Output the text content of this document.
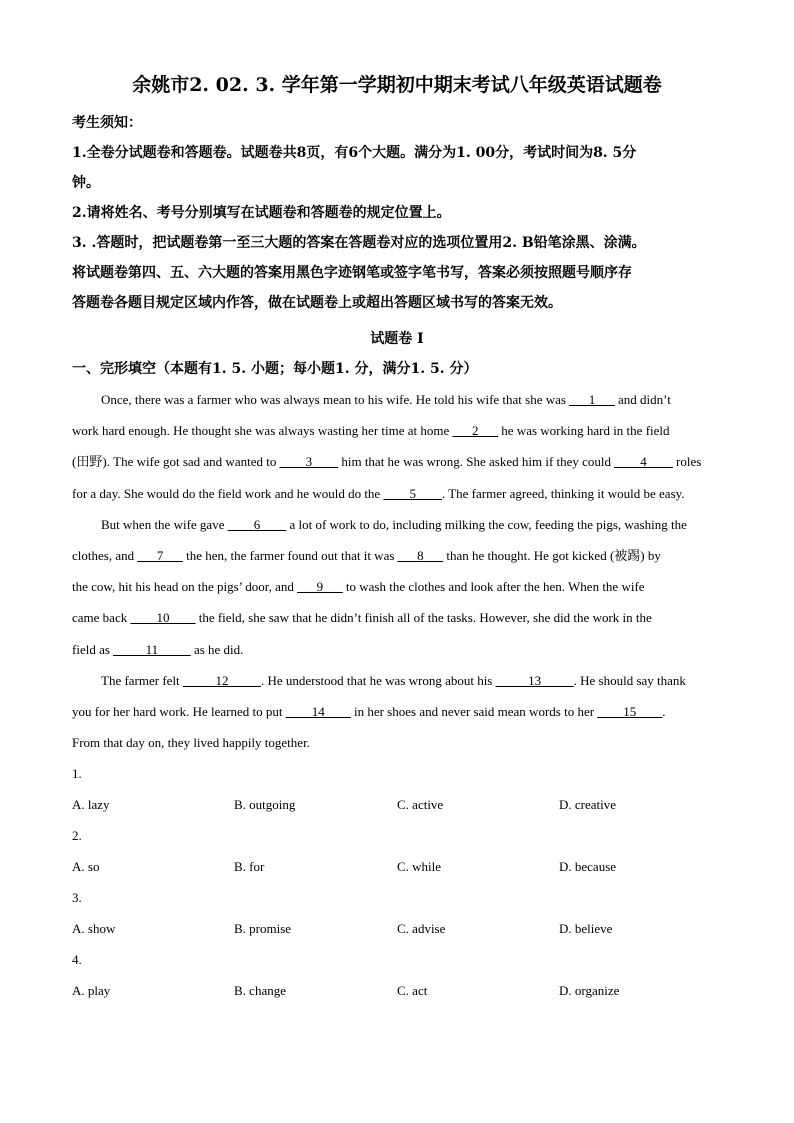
余姚市2. 02. 3. 学年第一学期初中期末考试八年级英语试题卷
考生须知：
1.全卷分试题卷和答题卷。试题卷共8页，有6个大题。满分为1. 00分，考试时间为8. 5分
钟。
2.请将姓名、考号分别填写在试题卷和答题卷的规定位置上。
3. .答题时，把试题卷第一至三大题的答案在答题卷对应的选项位置用2. B铅笔涂黑、涂满。
将试题卷第四、五、六大题的答案用黑色字迹钢笔或签字笔书写，答案必须按照题号顺序存
答题卷各题目规定区域内作答，做在试题卷上或超出答题区域书写的答案无效。
试题卷 I
一、完形填空（本题有1. 5. 小题；每小题1. 分，满分1. 5. 分）
Once, there was a farmer who was always mean to his wife. He told his wife that she was ___1___ and didn’t
work hard enough. He thought she was always wasting her time at home ___2___ he was working hard in the field
(田野). The wife got sad and wanted to ____3____ him that he was wrong. She asked him if they could ____4____ roles
for a day. She would do the field work and he would do the ____5____. The farmer agreed, thinking it would be easy.
But when the wife gave ____6____ a lot of work to do, including milking the cow, feeding the pigs, washing the
clothes, and ___7___ the hen, the farmer found out that it was ___8___ than he thought. He got kicked (被踢) by
the cow, hit his head on the pigs’ door, and ___9___ to wash the clothes and look after the hen. When the wife
came back ____10____ the field, she saw that he didn’t finish all of the tasks. However, she did the work in the
field as _____11_____ as he did.
The farmer felt _____12_____. He understood that he was wrong about his _____13_____. He should say thank
you for her hard work. He learned to put ____14____ in her shoes and never said mean words to her ____15____.
From that day on, they lived happily together.
1.
A. lazy	B. outgoing	C. active	D. creative
2.
A. so	B. for	C. while	D. because
3.
A. show	B. promise	C. advise	D. believe
4.
A. play	B. change	C. act	D. organize
